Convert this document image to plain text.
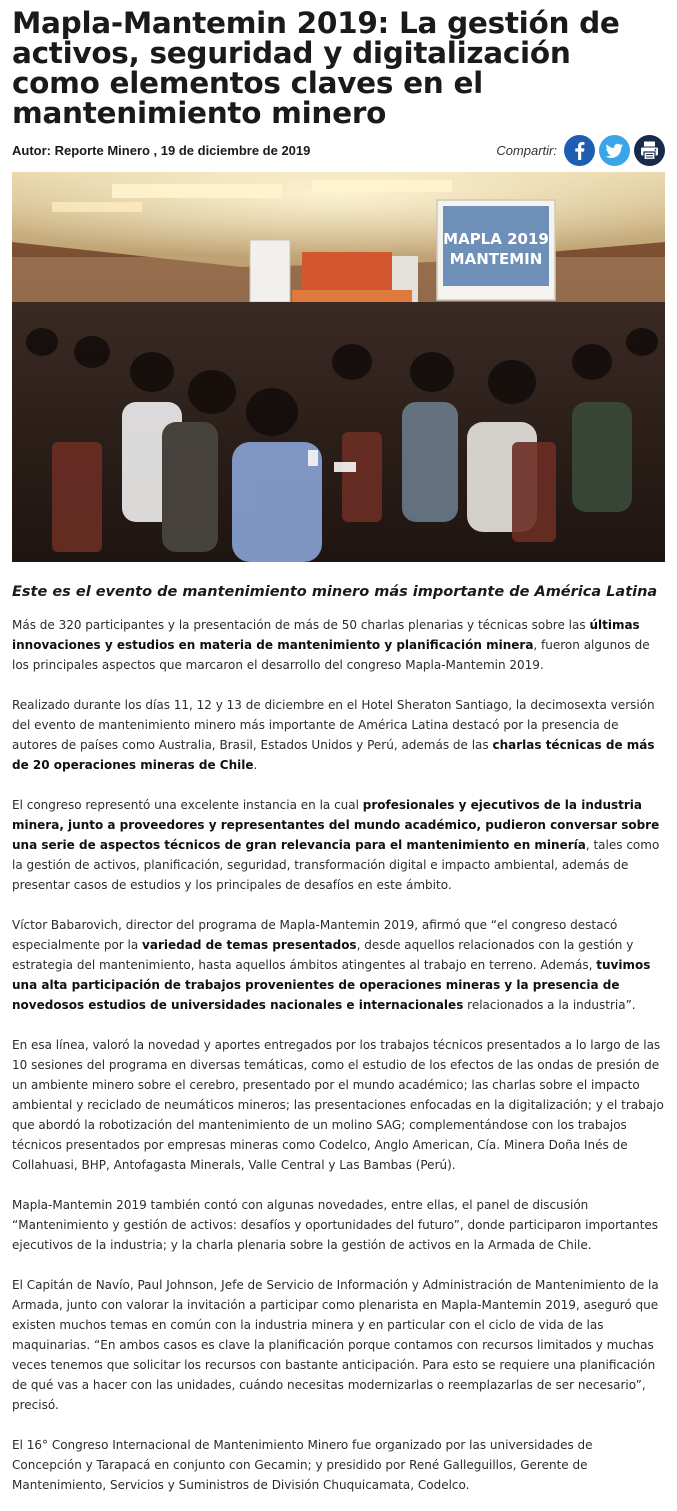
Mapla-Mantemin 2019: La gestión de activos, seguridad y digitalización como elementos claves en el mantenimiento minero
Autor: Reporte Minero , 19 de diciembre de 2019	Compartir:
MAPLA 2019
MANTEMIN
Este es el evento de mantenimiento minero más importante de América Latina

Más de 320 participantes y la presentación de más de 50 charlas plenarias y técnicas sobre las últimas innovaciones y estudios en materia de mantenimiento y planificación minera, fueron algunos de los principales aspectos que marcaron el desarrollo del congreso Mapla-Mantemin 2019.

Realizado durante los días 11, 12 y 13 de diciembre en el Hotel Sheraton Santiago, la decimosexta versión del evento de mantenimiento minero más importante de América Latina destacó por la presencia de autores de países como Australia, Brasil, Estados Unidos y Perú, además de las charlas técnicas de más de 20 operaciones mineras de Chile.

El congreso representó una excelente instancia en la cual profesionales y ejecutivos de la industria minera, junto a proveedores y representantes del mundo académico, pudieron conversar sobre una serie de aspectos técnicos de gran relevancia para el mantenimiento en minería, tales como la gestión de activos, planificación, seguridad, transformación digital e impacto ambiental, además de presentar casos de estudios y los principales de desafíos en este ámbito.

Víctor Babarovich, director del programa de Mapla-Mantemin 2019, afirmó que “el congreso destacó especialmente por la variedad de temas presentados, desde aquellos relacionados con la gestión y estrategia del mantenimiento, hasta aquellos ámbitos atingentes al trabajo en terreno. Además, tuvimos una alta participación de trabajos provenientes de operaciones mineras y la presencia de novedosos estudios de universidades nacionales e internacionales relacionados a la industria”.

En esa línea, valoró la novedad y aportes entregados por los trabajos técnicos presentados a lo largo de las 10 sesiones del programa en diversas temáticas, como el estudio de los efectos de las ondas de presión de un ambiente minero sobre el cerebro, presentado por el mundo académico; las charlas sobre el impacto ambiental y reciclado de neumáticos mineros; las presentaciones enfocadas en la digitalización; y el trabajo que abordó la robotización del mantenimiento de un molino SAG; complementándose con los trabajos técnicos presentados por empresas mineras como Codelco, Anglo American, Cía. Minera Doña Inés de Collahuasi, BHP, Antofagasta Minerals, Valle Central y Las Bambas (Perú).

Mapla-Mantemin 2019 también contó con algunas novedades, entre ellas, el panel de discusión “Mantenimiento y gestión de activos: desafíos y oportunidades del futuro”, donde participaron importantes ejecutivos de la industria; y la charla plenaria sobre la gestión de activos en la Armada de Chile.

El Capitán de Navío, Paul Johnson, Jefe de Servicio de Información y Administración de Mantenimiento de la Armada, junto con valorar la invitación a participar como plenarista en Mapla-Mantemin 2019, aseguró que existen muchos temas en común con la industria minera y en particular con el ciclo de vida de las maquinarias. “En ambos casos es clave la planificación porque contamos con recursos limitados y muchas veces tenemos que solicitar los recursos con bastante anticipación. Para esto se requiere una planificación de qué vas a hacer con las unidades, cuándo necesitas modernizarlas o reemplazarlas de ser necesario”, precisó.

El 16° Congreso Internacional de Mantenimiento Minero fue organizado por las universidades de Concepción y Tarapacá en conjunto con Gecamin; y presidido por René Galleguillos, Gerente de Mantenimiento, Servicios y Suministros de División Chuquicamata, Codelco.
